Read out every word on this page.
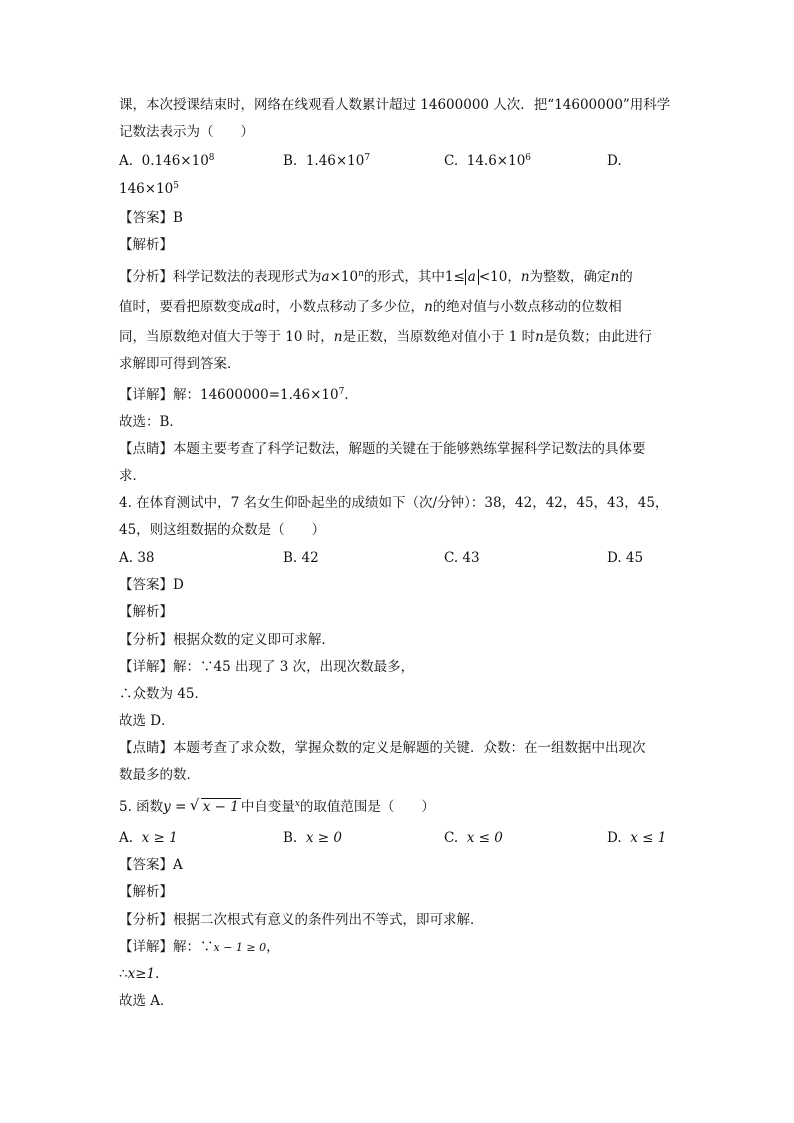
课，本次授课结束时，网络在线观看人数累计超过 14600000 人次．把“14600000”用科学

记数法表示为（　　）

A. $0.146\times 10^8$	B. $1.46\times 10^7$	C. $14.6\times 10^6$	D.

$146\times 10^5$

【答案】B

【解析】

【分析】科学记数法的表现形式为$a\times 10^n$的形式，其中1≤ a <10，n为整数，确定n的

值时，要看把原数变成a时，小数点移动了多少位，n的绝对值与小数点移动的位数相

同，当原数绝对值大于等于 10 时，n是正数，当原数绝对值小于 1 时n是负数；由此进行

求解即可得到答案．

【详解】解：$14600000=1.46\times 10^7$．

故选：B．

【点睛】本题主要考查了科学记数法，解题的关键在于能够熟练掌握科学记数法的具体要

求．

4. 在体育测试中，7 名女生仰卧起坐的成绩如下（次/分钟）：38，42，42，45，43，45，

45，则这组数据的众数是（　　）

A. 38	B. 42	C. 43	D. 45

【答案】D

【解析】

【分析】根据众数的定义即可求解．

【详解】解：∵45 出现了 3 次，出现次数最多，

∴众数为 45．

故选 D．

【点睛】本题考查了求众数，掌握众数的定义是解题的关键．众数：在一组数据中出现次

数最多的数．

5. 函数y = √ x − 1 中自变量$^x$的取值范围是（　　）

A. x ≥ 1	B. x ≥ 0	C. x ≤ 0	D. x ≤ 1

【答案】A

【解析】

【分析】根据二次根式有意义的条件列出不等式，即可求解．

【详解】解：∵x − 1 ≥ 0，

∴x≥1．

故选 A．
